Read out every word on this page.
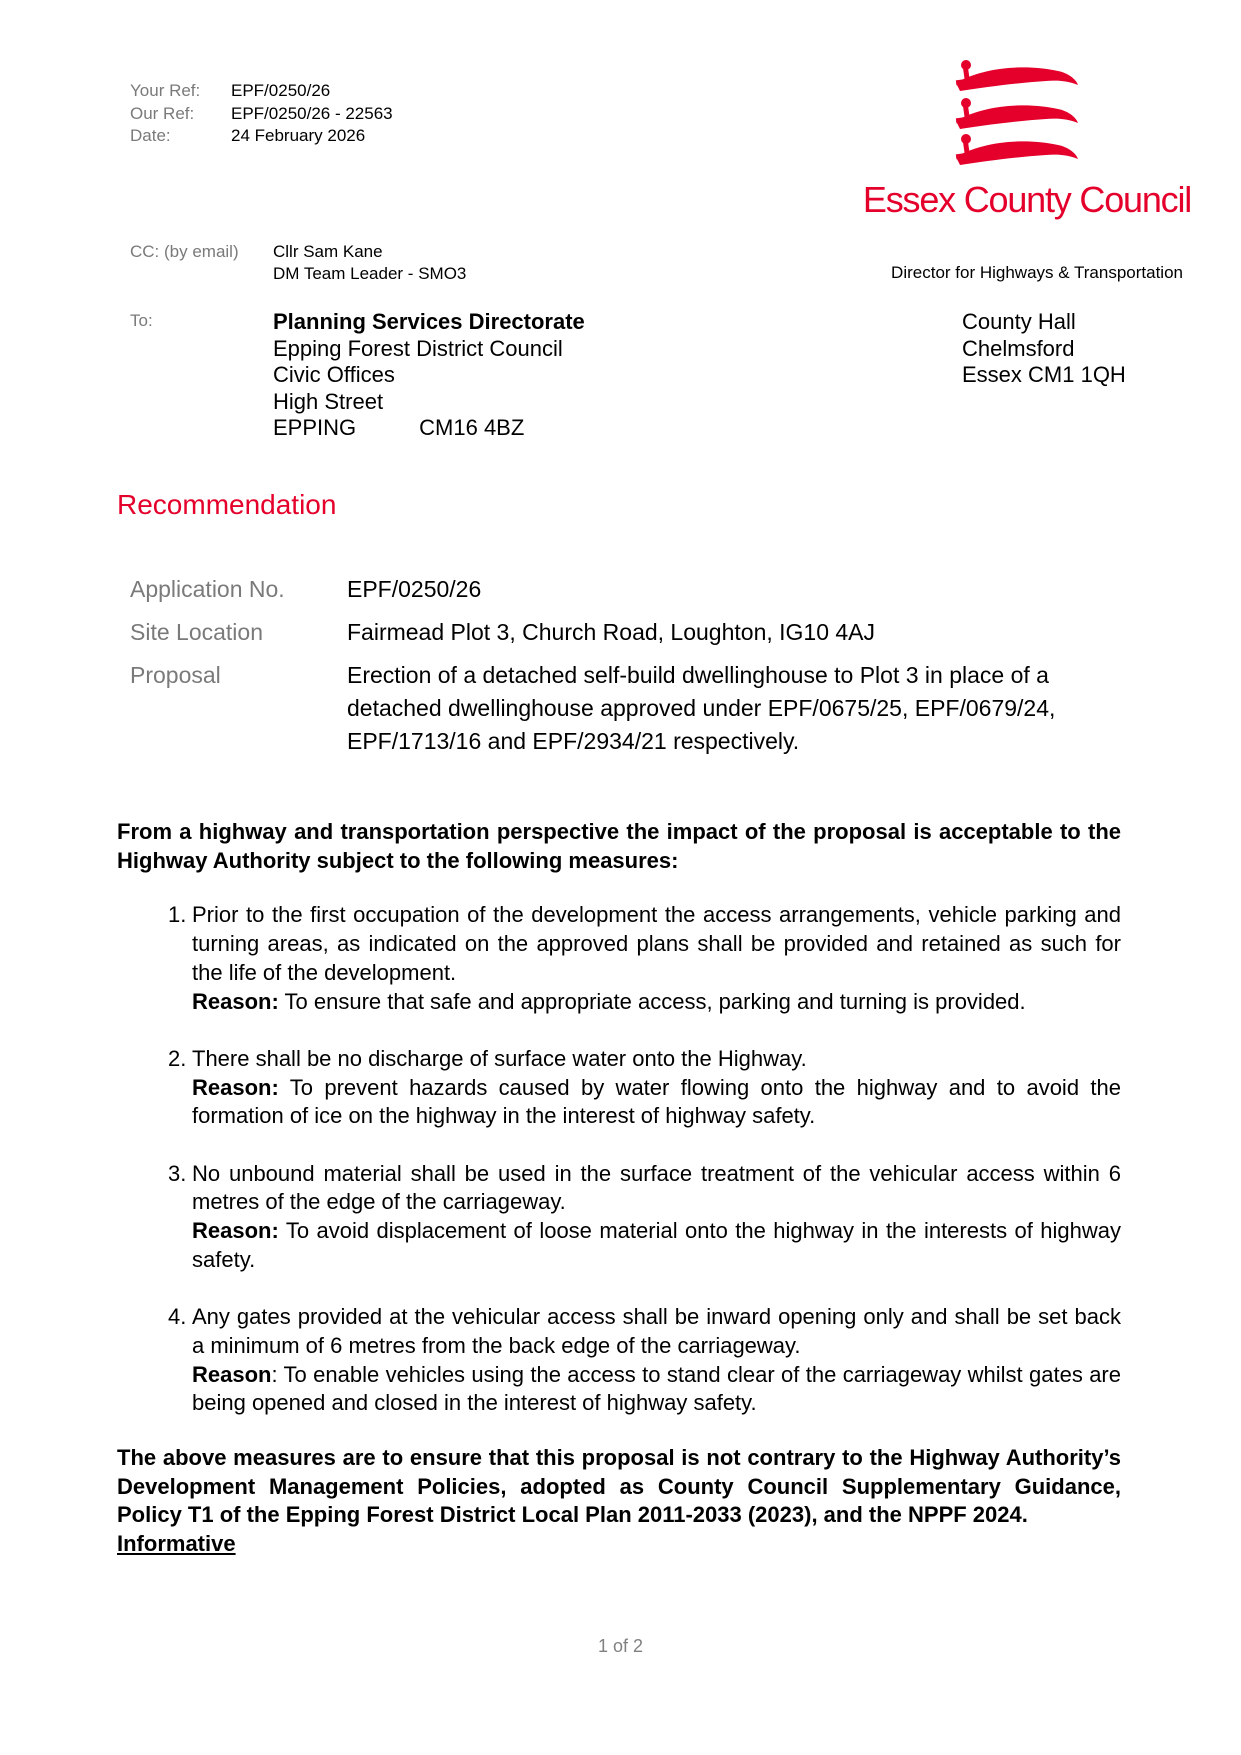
Your Ref:	EPF/0250/26
Our Ref:	EPF/0250/26 - 22563
Date:	24 February 2026
Essex County Council
CC: (by email)	Cllr Sam Kane
DM Team Leader - SMO3	Director for Highways & Transportation
To:	Planning Services Directorate
Epping Forest District Council
Civic Offices
High Street
EPPING	CM16 4BZ
County Hall
Chelmsford
Essex CM1 1QH
Recommendation
Application No.	EPF/0250/26
Site Location	Fairmead Plot 3, Church Road, Loughton, IG10 4AJ
Proposal	Erection of a detached self-build dwellinghouse to Plot 3 in place of a detached dwellinghouse approved under EPF/0675/25, EPF/0679/24, EPF/1713/16 and EPF/2934/21 respectively.

From a highway and transportation perspective the impact of the proposal is acceptable to the Highway Authority subject to the following measures:

1. Prior to the first occupation of the development the access arrangements, vehicle parking and turning areas, as indicated on the approved plans shall be provided and retained as such for the life of the development.
Reason: To ensure that safe and appropriate access, parking and turning is provided.
2. There shall be no discharge of surface water onto the Highway.
Reason: To prevent hazards caused by water flowing onto the highway and to avoid the formation of ice on the highway in the interest of highway safety.
3. No unbound material shall be used in the surface treatment of the vehicular access within 6 metres of the edge of the carriageway.
Reason: To avoid displacement of loose material onto the highway in the interests of highway safety.
4. Any gates provided at the vehicular access shall be inward opening only and shall be set back a minimum of 6 metres from the back edge of the carriageway.
Reason: To enable vehicles using the access to stand clear of the carriageway whilst gates are being opened and closed in the interest of highway safety.

The above measures are to ensure that this proposal is not contrary to the Highway Authority’s Development Management Policies, adopted as County Council Supplementary Guidance, Policy T1 of the Epping Forest District Local Plan 2011-2033 (2023), and the NPPF 2024.

Informative

1 of 2
